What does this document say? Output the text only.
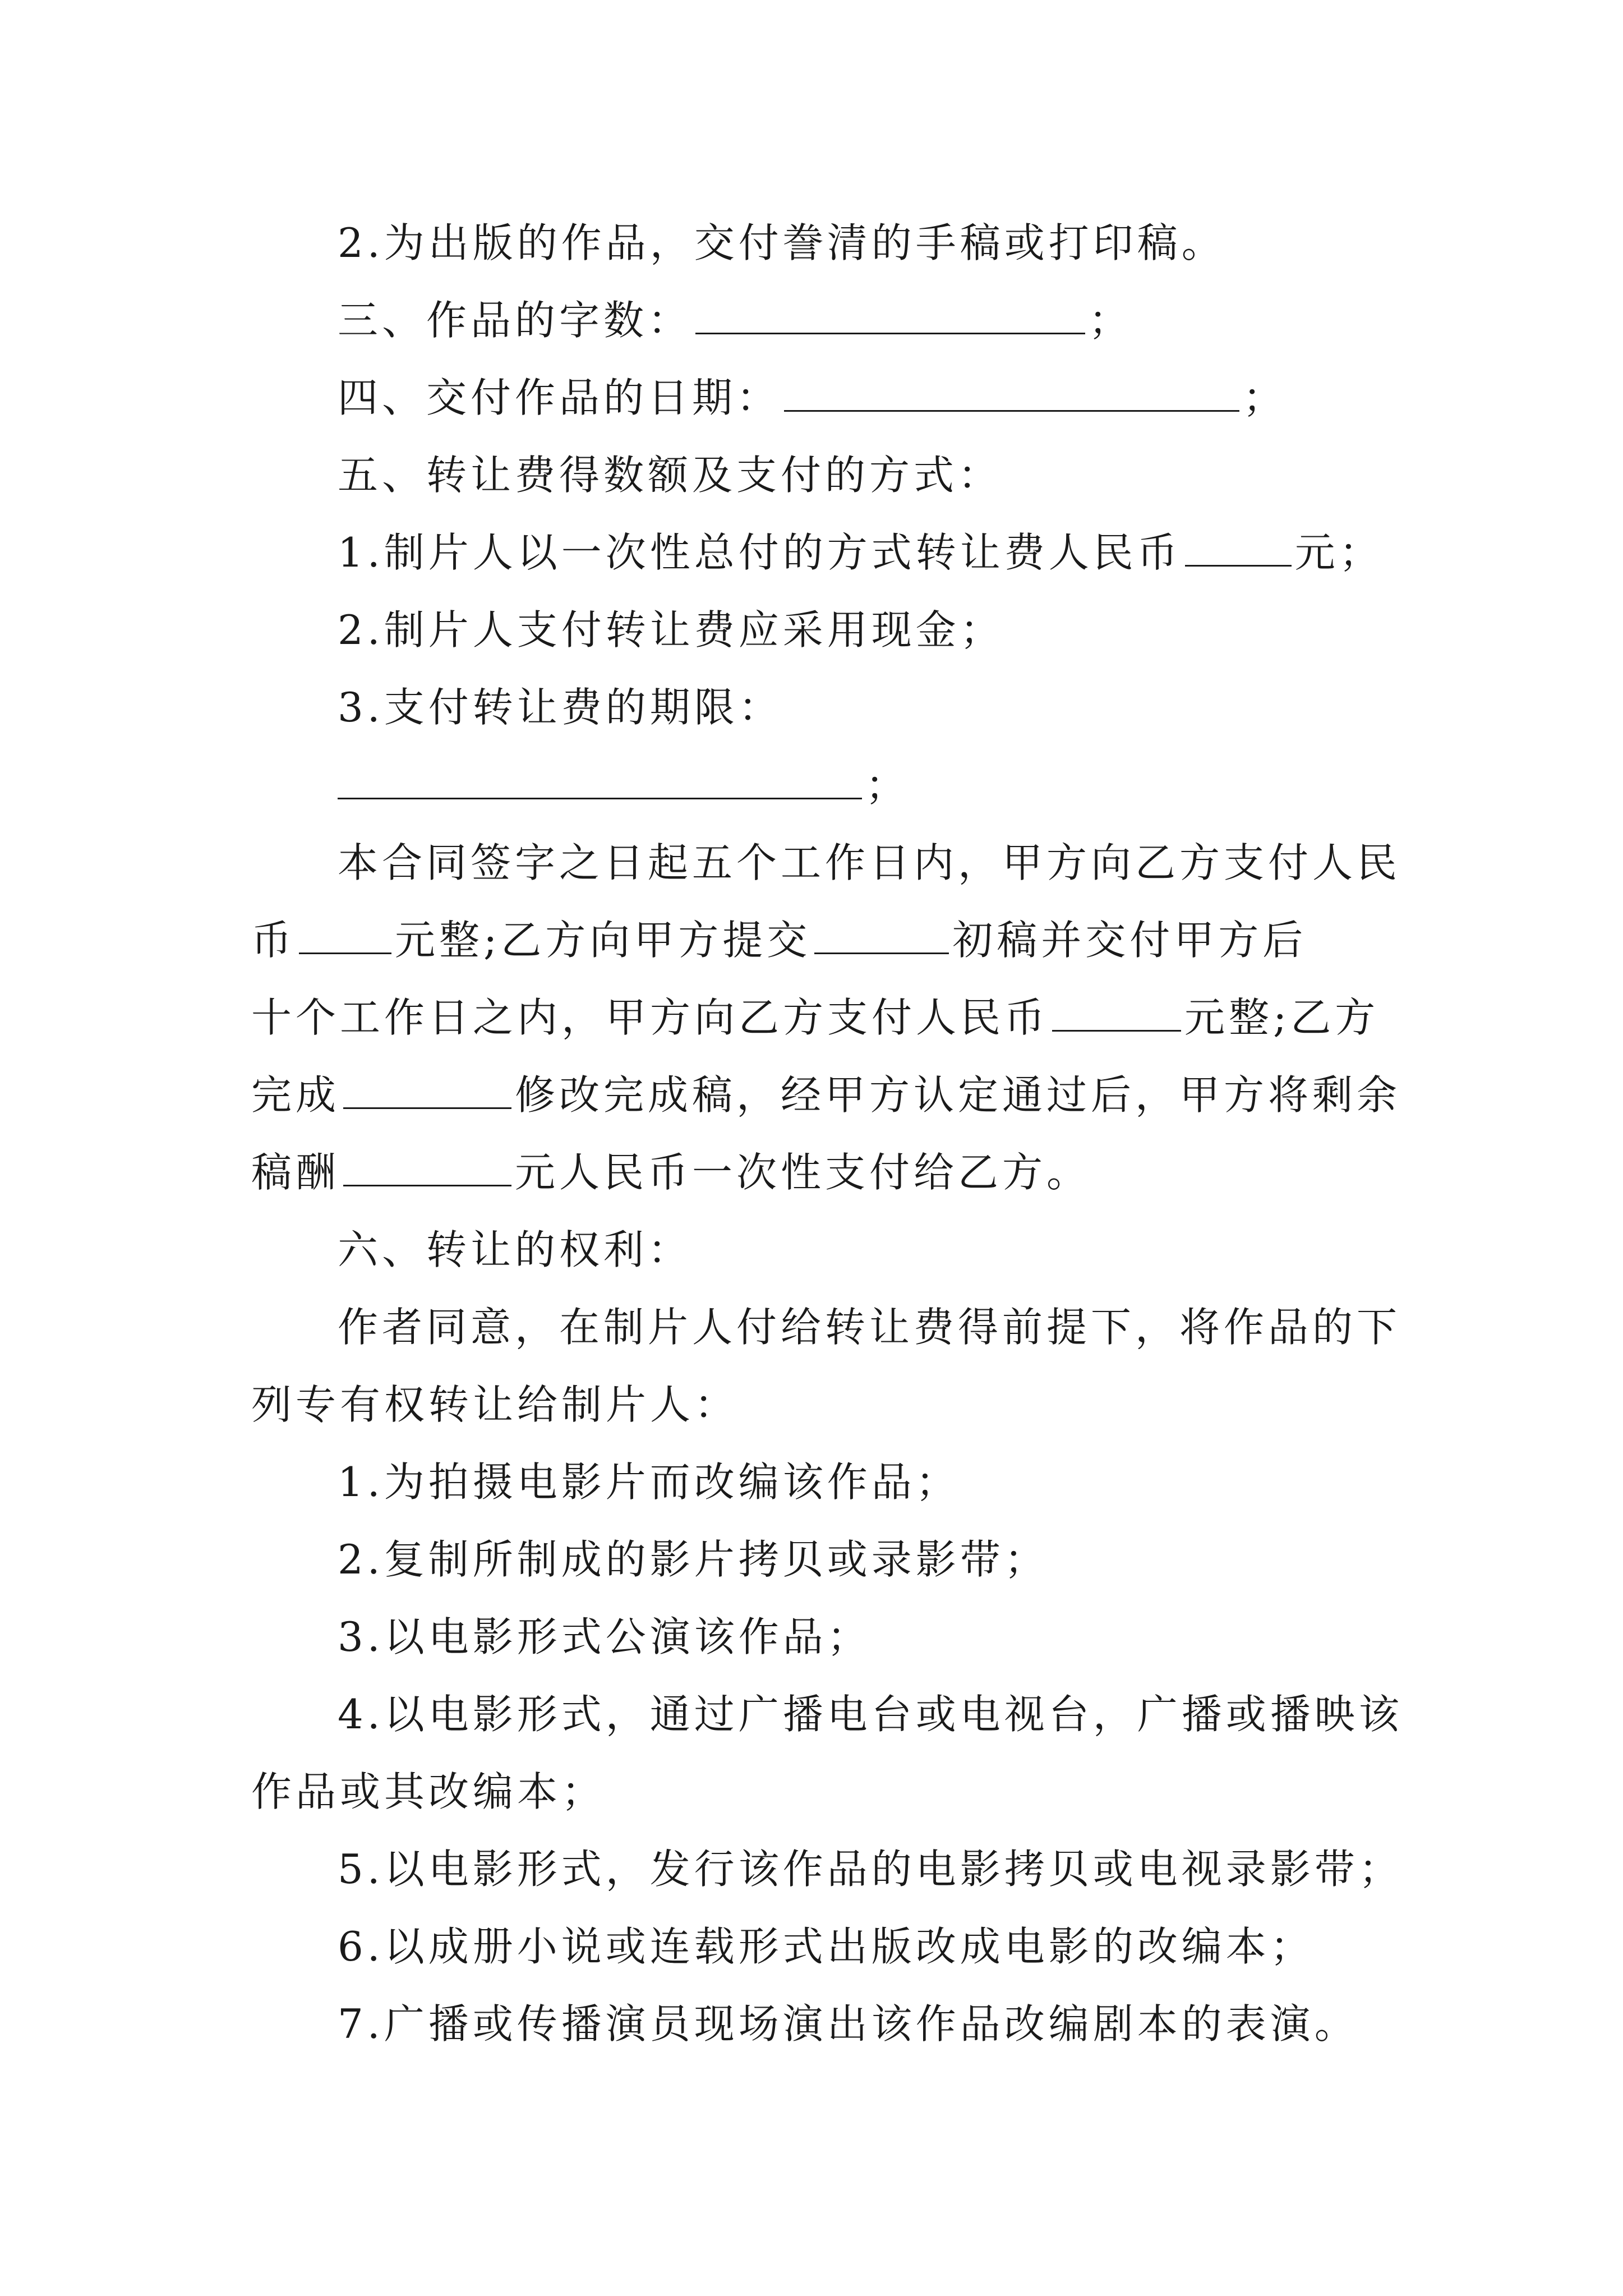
2.为出版的作品，交付誊清的手稿或打印稿。
三、作品的字数：	；
四、交付作品的日期：	；
五、转让费得数额及支付的方式：
1.制片人以一次性总付的方式转让费人民币	元；
2.制片人支付转让费应采用现金；
3.支付转让费的期限：
；
本合同签字之日起五个工作日内，甲方向乙方支付人民
币 元整;乙方向甲方提交	初稿并交付甲方后
十个工作日之内，甲方向乙方支付人民币	元整;乙方
完成	修改完成稿，经甲方认定通过后，甲方将剩余
稿酬	元人民币一次性支付给乙方。
六、转让的权利：
作者同意，在制片人付给转让费得前提下，将作品的下
列专有权转让给制片人：
1.为拍摄电影片而改编该作品；
2.复制所制成的影片拷贝或录影带；
3.以电影形式公演该作品；
4.以电影形式，通过广播电台或电视台，广播或播映该
作品或其改编本；
5.以电影形式，发行该作品的电影拷贝或电视录影带；
6.以成册小说或连载形式出版改成电影的改编本；
7.广播或传播演员现场演出该作品改编剧本的表演。
